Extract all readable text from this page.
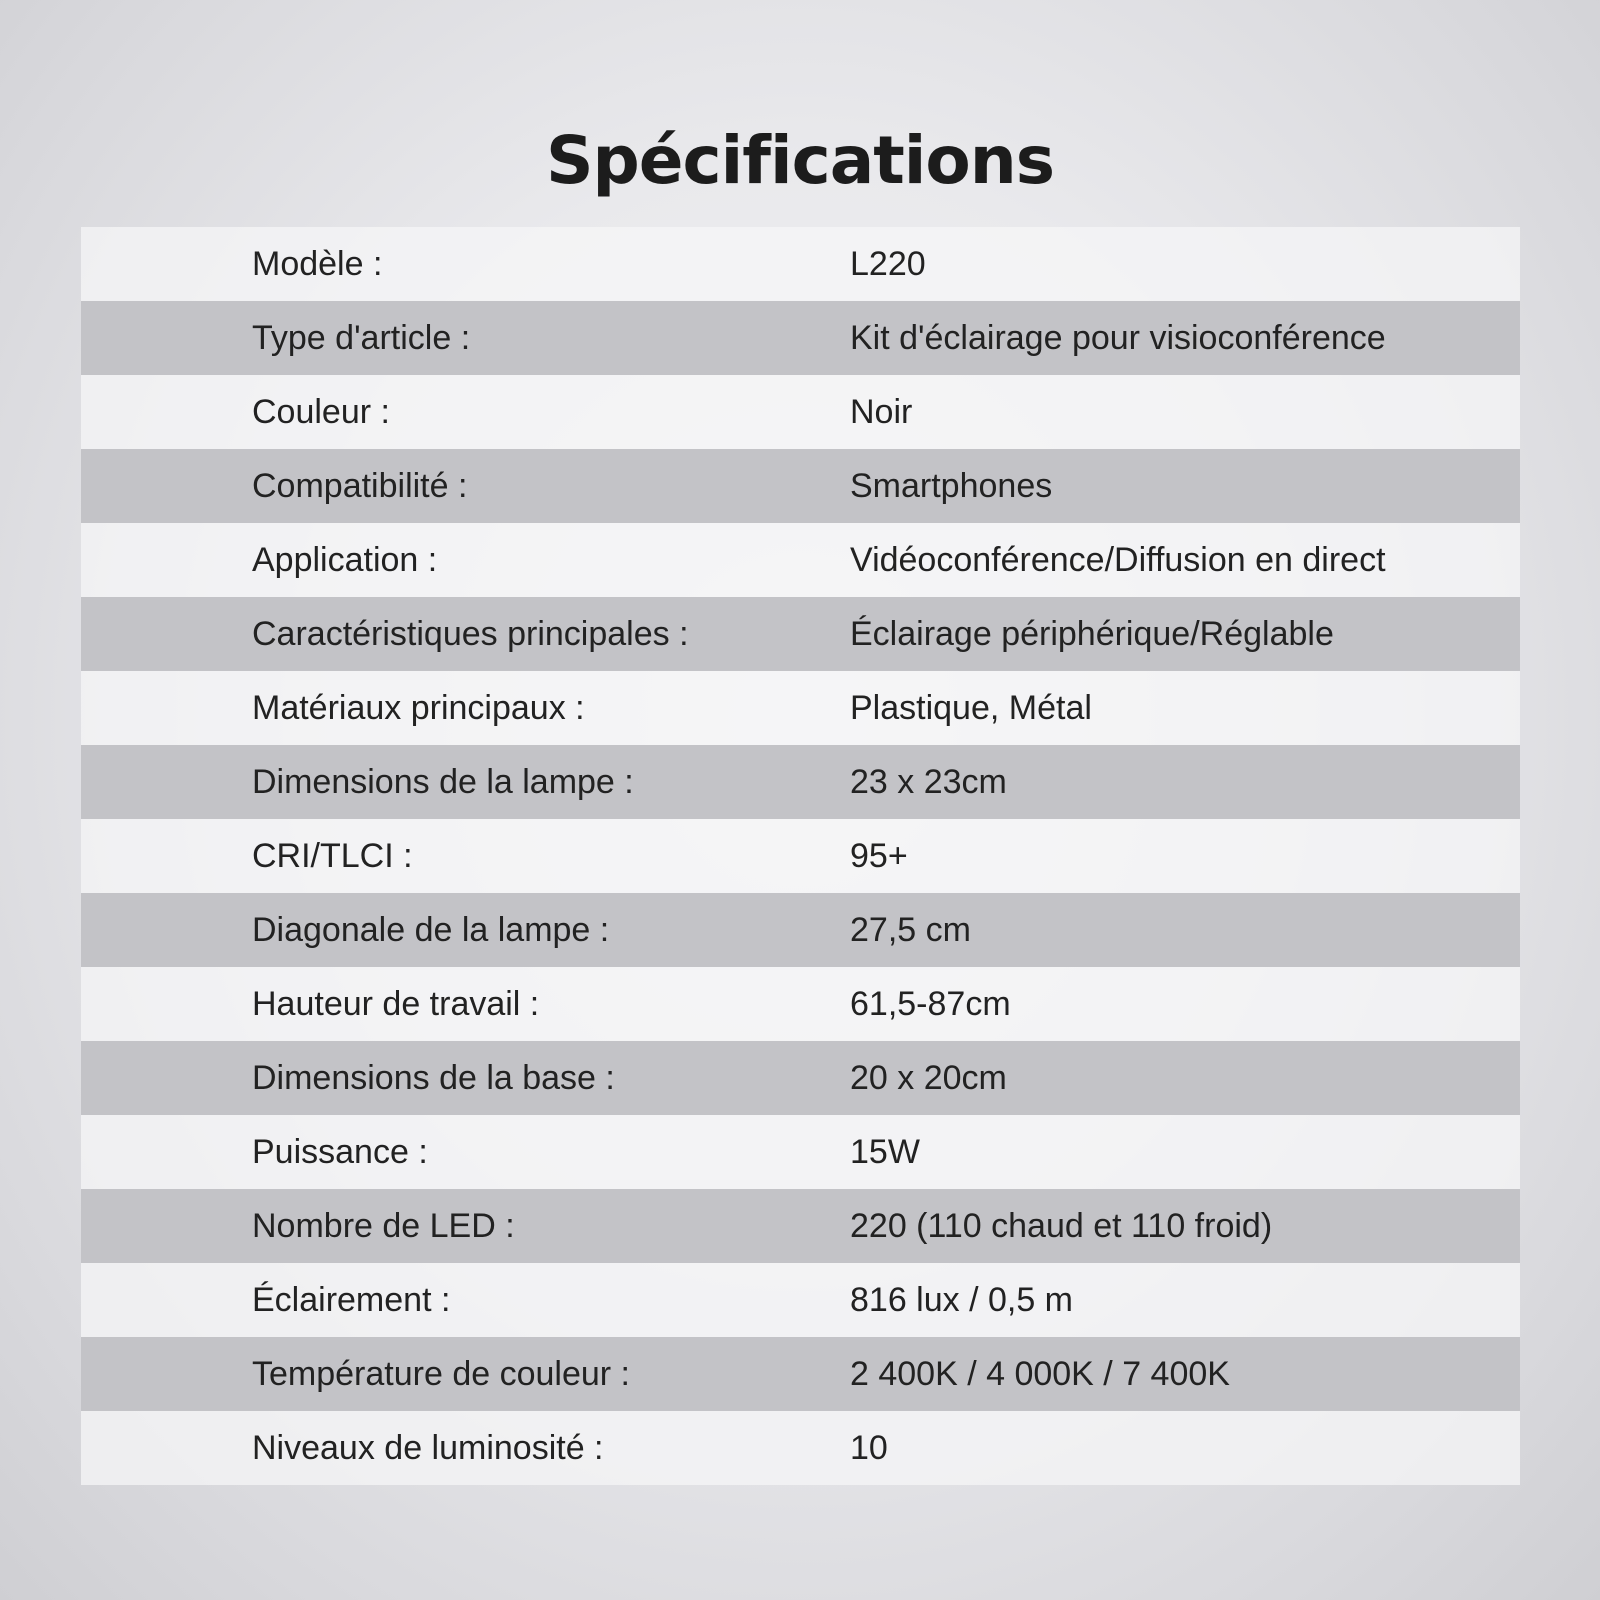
Spécifications
Modèle :	L220
Type d'article :	Kit d'éclairage pour visioconférence
Couleur :	Noir
Compatibilité :	Smartphones
Application :	Vidéoconférence/Diffusion en direct
Caractéristiques principales :	Éclairage périphérique/Réglable
Matériaux principaux :	Plastique, Métal
Dimensions de la lampe :	23 x 23cm
CRI/TLCI :	95+
Diagonale de la lampe :	27,5 cm
Hauteur de travail :	61,5-87cm
Dimensions de la base :	20 x 20cm
Puissance :	15W
Nombre de LED :	220 (110 chaud et 110 froid)
Éclairement :	816 lux / 0,5 m
Température de couleur :	2 400K / 4 000K / 7 400K
Niveaux de luminosité :	10
